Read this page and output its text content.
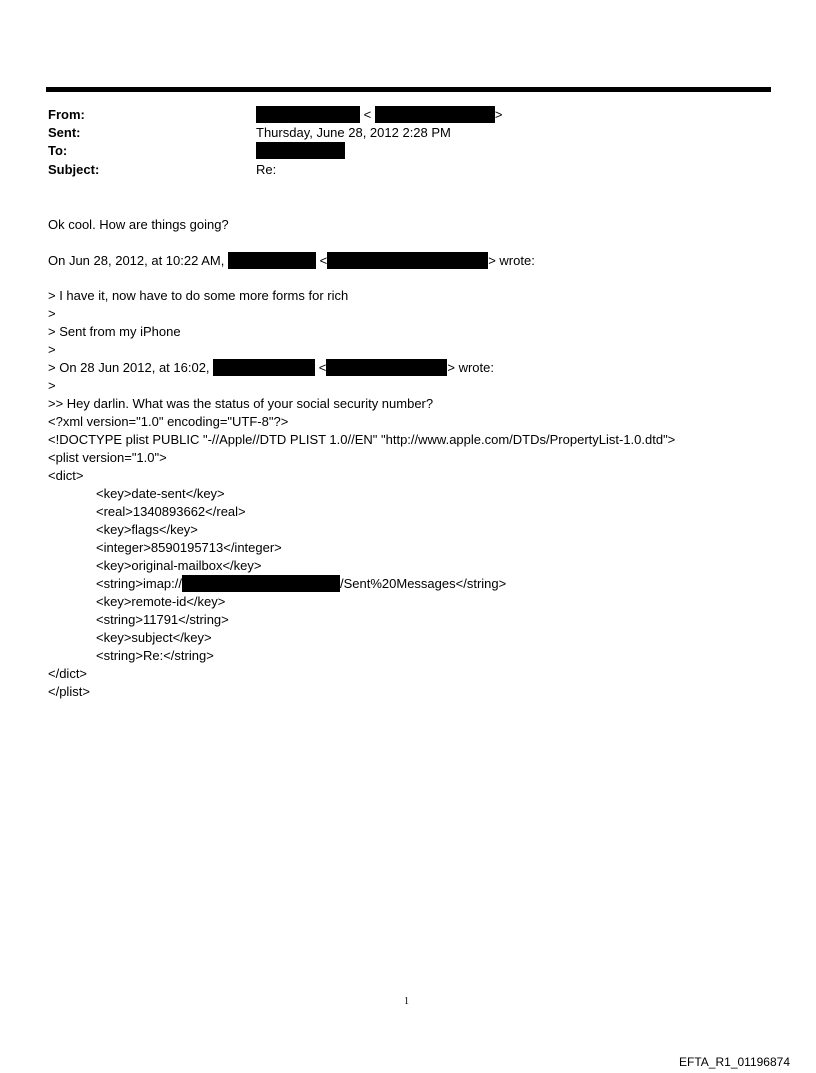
From:	<	>
Sent:	Thursday, June 28, 2012 2:28 PM
To:
Subject:	Re:
Ok cool. How are things going?
On Jun 28, 2012, at 10:22 AM,	<	> wrote:
> I have it, now have to do some more forms for rich
>
> Sent from my iPhone
>
> On 28 Jun 2012, at 16:02,	<	> wrote:
>
>> Hey darlin. What was the status of your social security number?
<?xml version="1.0" encoding="UTF-8"?>
<!DOCTYPE plist PUBLIC "-//Apple//DTD PLIST 1.0//EN" "http://www.apple.com/DTDs/PropertyList-1.0.dtd">
<plist version="1.0">
<dict>
<key>date-sent</key>
<real>1340893662</real>
<key>flags</key>
<integer>8590195713</integer>
<key>original-mailbox</key>
<string>imap://	/Sent%20Messages</string>
<key>remote-id</key>
<string>11791</string>
<key>subject</key>
<string>Re:</string>
</dict>
</plist>
1
EFTA_R1_01196874
